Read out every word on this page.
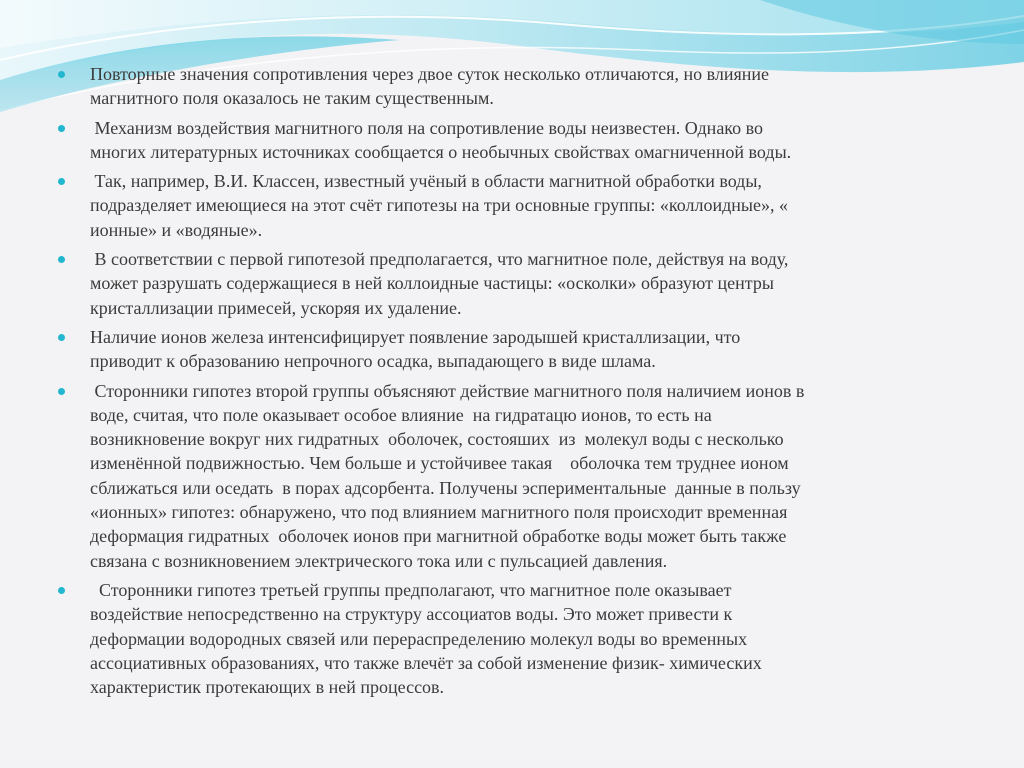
Повторные значения сопротивления через двое суток несколько отличаются, но влияние
магнитного поля оказалось не таким существенным.
Механизм воздействия магнитного поля на сопротивление воды неизвестен. Однако во
многих литературных источниках сообщается о необычных свойствах омагниченной воды.
Так, например, В.И. Классен, известный учёный в области магнитной обработки воды,
подразделяет имеющиеся на этот счёт гипотезы на три основные группы: «коллоидные», «
ионные» и «водяные».
В соответствии с первой гипотезой предполагается, что магнитное поле, действуя на воду,
может разрушать содержащиеся в ней коллоидные частицы: «осколки» образуют центры
кристаллизации примесей, ускоряя их удаление.
Наличие ионов железа интенсифицирует появление зародышей кристаллизации, что
приводит к образованию непрочного осадка, выпадающего в виде шлама.
Сторонники гипотез второй группы объясняют действие магнитного поля наличием ионов в
воде, считая, что поле оказывает особое влияние  на гидратацю ионов, то есть на
возникновение вокруг них гидратных  оболочек, состояших  из  молекул воды с несколько
изменённой подвижностью. Чем больше и устойчивее такая    оболочка тем труднее ионом
сближаться или оседать  в порах адсорбента. Получены эспериментальные  данные в пользу
«ионных» гипотез: обнаружено, что под влиянием магнитного поля происходит временная
деформация гидратных  оболочек ионов при магнитной обработке воды может быть также
связана с возникновением электрического тока или с пульсацией давления.
Сторонники гипотез третьей группы предполагают, что магнитное поле оказывает
воздействие непосредственно на структуру ассоциатов воды. Это может привести к
деформации водородных связей или перераспределению молекул воды во временных
ассоциативных образованиях, что также влечёт за собой изменение физик- химических
характеристик протекающих в ней процессов.
